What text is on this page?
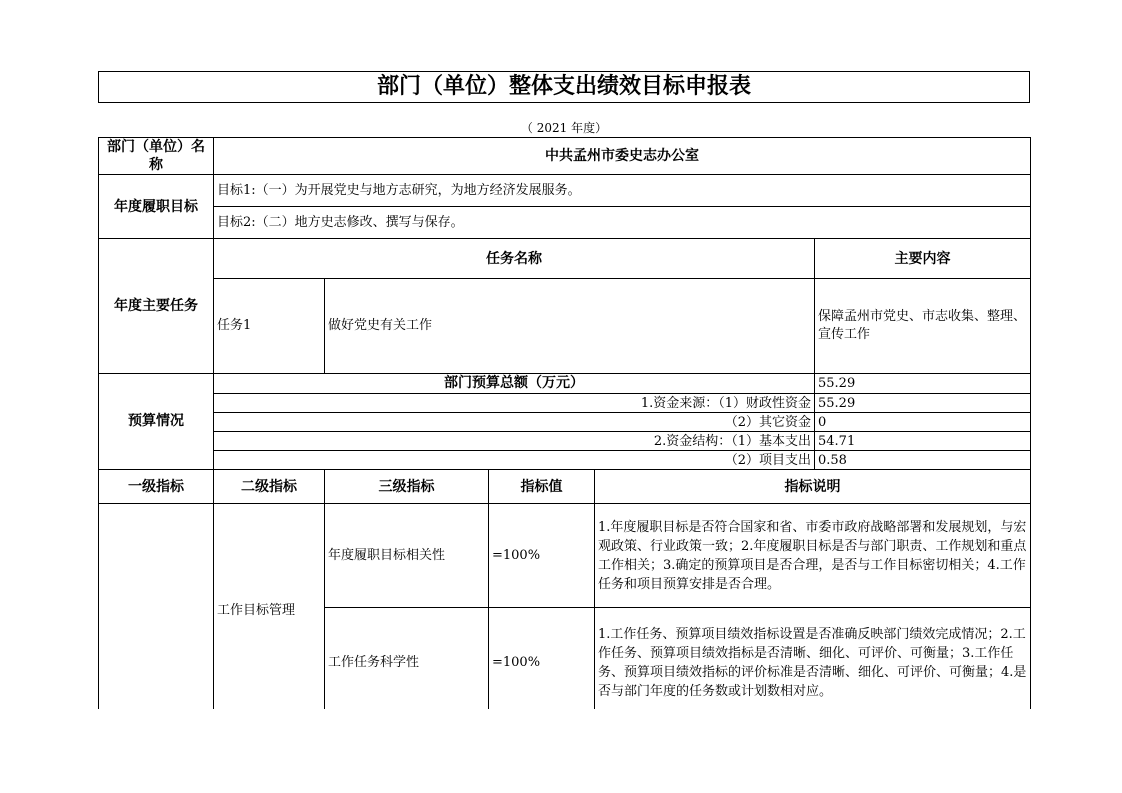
部门（单位）整体支出绩效目标申报表
（ 2021 年度）
部门（单位）名称	中共孟州市委史志办公室				
年度履职目标	目标1:（一）为开展党史与地方志研究，为地方经济发展服务。				
	目标2:（二）地方史志修改、撰写与保存。				
年度主要任务	任务名称				主要内容
	任务1	做好党史有关工作			保障孟州市党史、市志收集、整理、宣传工作
预算情况	部门预算总额（万元）				55.29
	1.资金来源：（1）财政性资金				55.29
	（2）其它资金				0
	2.资金结构：（1）基本支出				54.71
	（2）项目支出				0.58
一级指标	二级指标	三级指标	指标值	指标说明	
	工作目标管理	年度履职目标相关性	=100%	1.年度履职目标是否符合国家和省、市委市政府战略部署和发展规划，与宏观政策、行业政策一致；2.年度履职目标是否与部门职责、工作规划和重点工作相关；3.确定的预算项目是否合理，是否与工作目标密切相关；4.工作任务和项目预算安排是否合理。	
		工作任务科学性	=100%	1.工作任务、预算项目绩效指标设置是否准确反映部门绩效完成情况；2.工作任务、预算项目绩效指标是否清晰、细化、可评价、可衡量；3.工作任务、预算项目绩效指标的评价标准是否清晰、细化、可评价、可衡量；4.是否与部门年度的任务数或计划数相对应。	
